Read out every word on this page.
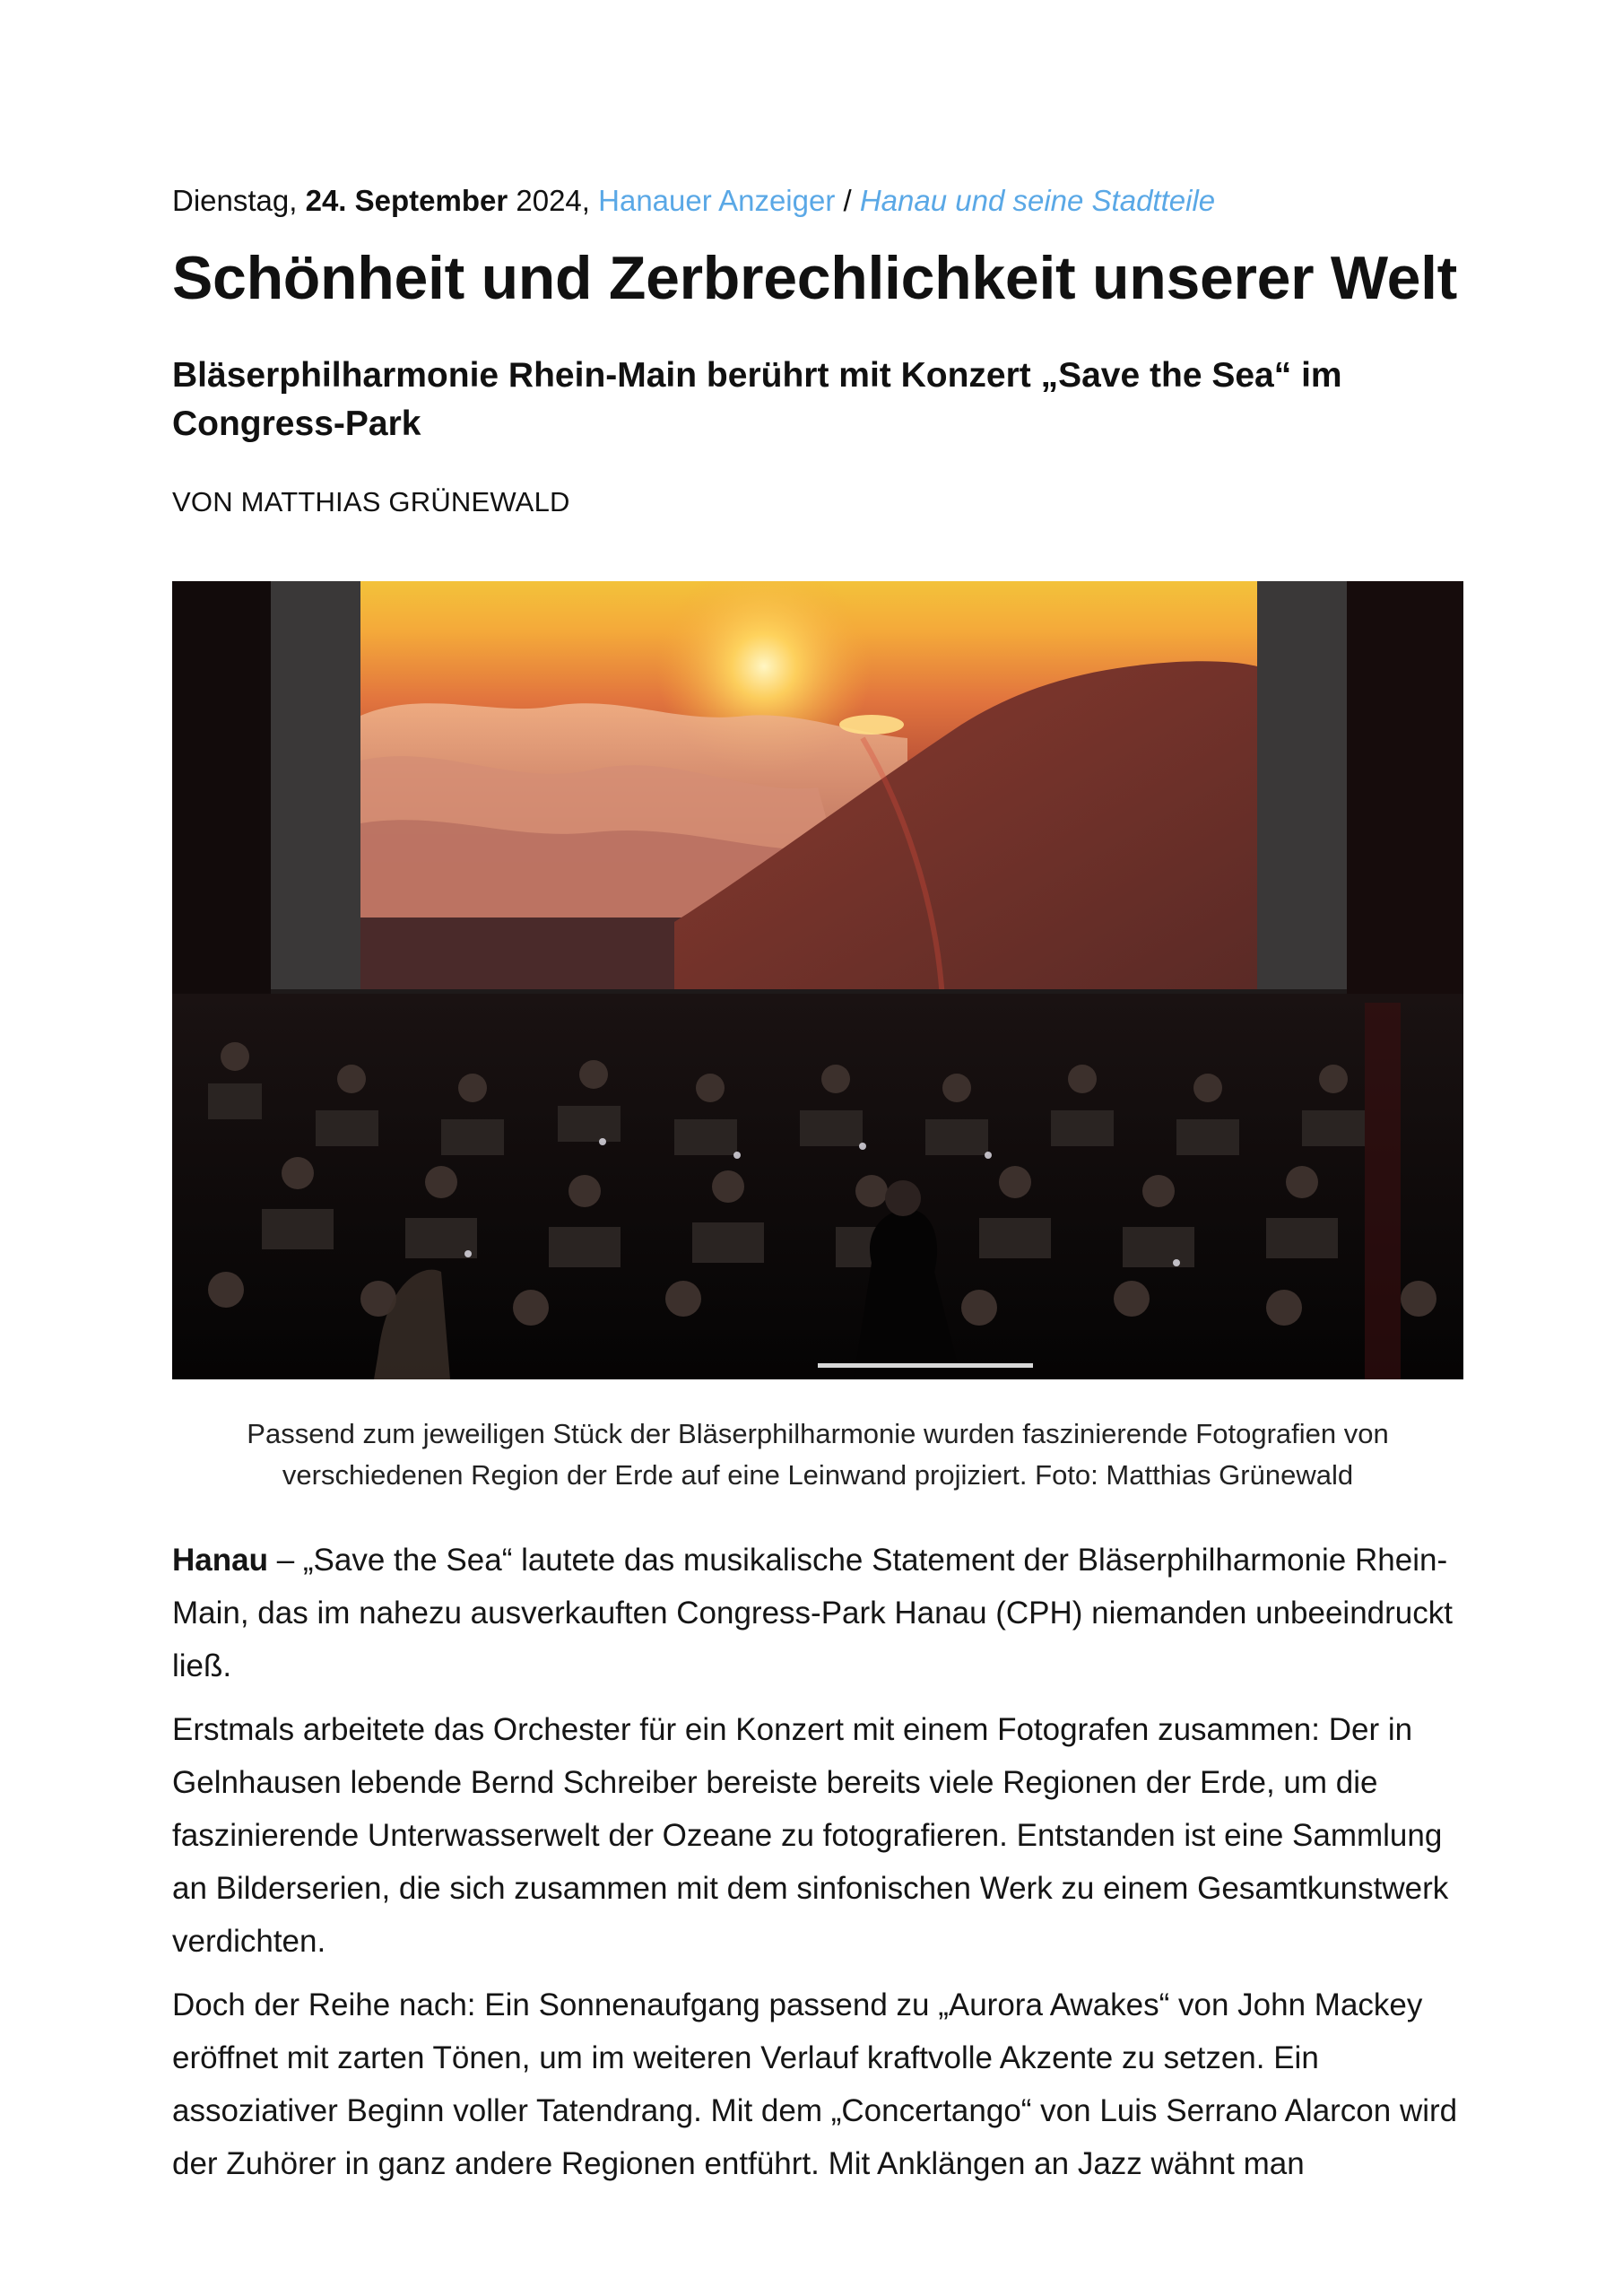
Dienstag, 24. September 2024, Hanauer Anzeiger / Hanau und seine Stadtteile
Schönheit und Zerbrechlichkeit unserer Welt
Bläserphilharmonie Rhein-Main berührt mit Konzert „Save the Sea“ im Congress-Park
VON MATTHIAS GRÜNEWALD
Passend zum jeweiligen Stück der Bläserphilharmonie wurden faszinierende Fotografien von
verschiedenen Region der Erde auf eine Leinwand projiziert. Foto: Matthias Grünewald

Hanau – „Save the Sea“ lautete das musikalische Statement der Bläserphilharmonie Rhein-Main, das im nahezu ausverkauften Congress-Park Hanau (CPH) niemanden unbeeindruckt ließ.

Erstmals arbeitete das Orchester für ein Konzert mit einem Fotografen zusammen: Der in Gelnhausen lebende Bernd Schreiber bereiste bereits viele Regionen der Erde, um die faszinierende Unterwasserwelt der Ozeane zu fotografieren. Entstanden ist eine Sammlung an Bilderserien, die sich zusammen mit dem sinfonischen Werk zu einem Gesamtkunstwerk verdichten.

Doch der Reihe nach: Ein Sonnenaufgang passend zu „Aurora Awakes“ von John Mackey eröffnet mit zarten Tönen, um im weiteren Verlauf kraftvolle Akzente zu setzen. Ein assoziativer Beginn voller Tatendrang. Mit dem „Concertango“ von Luis Serrano Alarcon wird der Zuhörer in ganz andere Regionen entführt. Mit Anklängen an Jazz wähnt man
